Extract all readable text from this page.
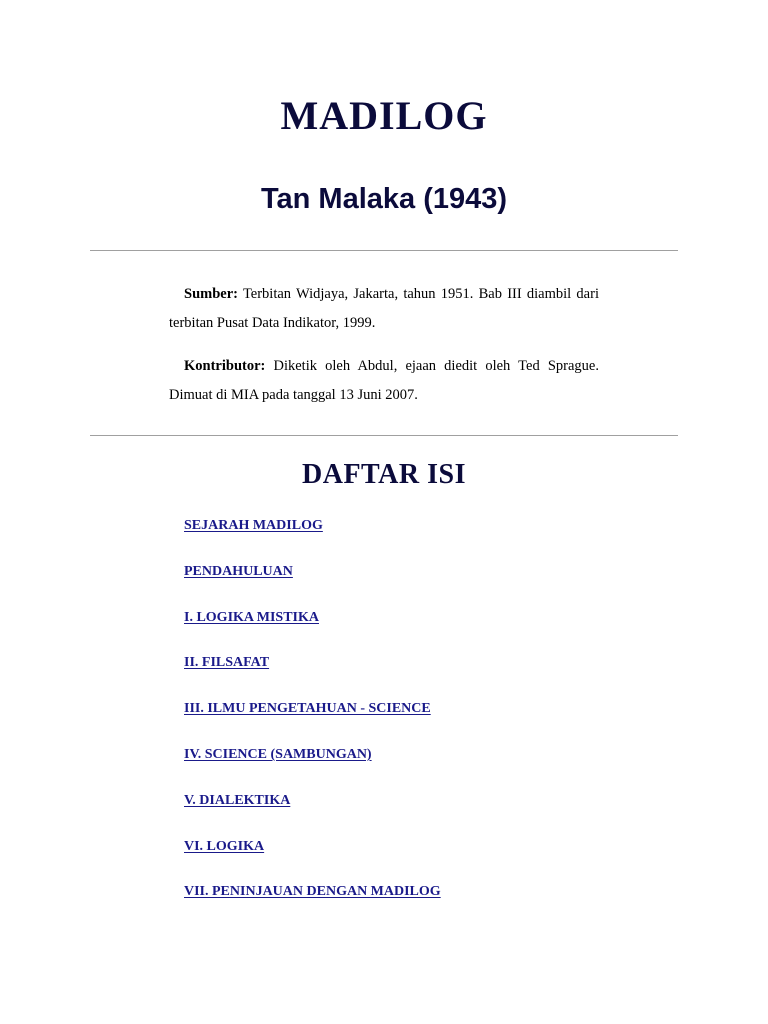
MADILOG
Tan Malaka (1943)

Sumber: Terbitan Widjaya, Jakarta, tahun 1951. Bab III diambil dari terbitan Pusat Data Indikator, 1999.

Kontributor: Diketik oleh Abdul, ejaan diedit oleh Ted Sprague. Dimuat di MIA pada tanggal 13 Juni 2007.

DAFTAR ISI
SEJARAH MADILOG
PENDAHULUAN
I. LOGIKA MISTIKA
II. FILSAFAT
III. ILMU PENGETAHUAN - SCIENCE
IV. SCIENCE (SAMBUNGAN)
V. DIALEKTIKA
VI. LOGIKA
VII. PENINJAUAN DENGAN MADILOG
